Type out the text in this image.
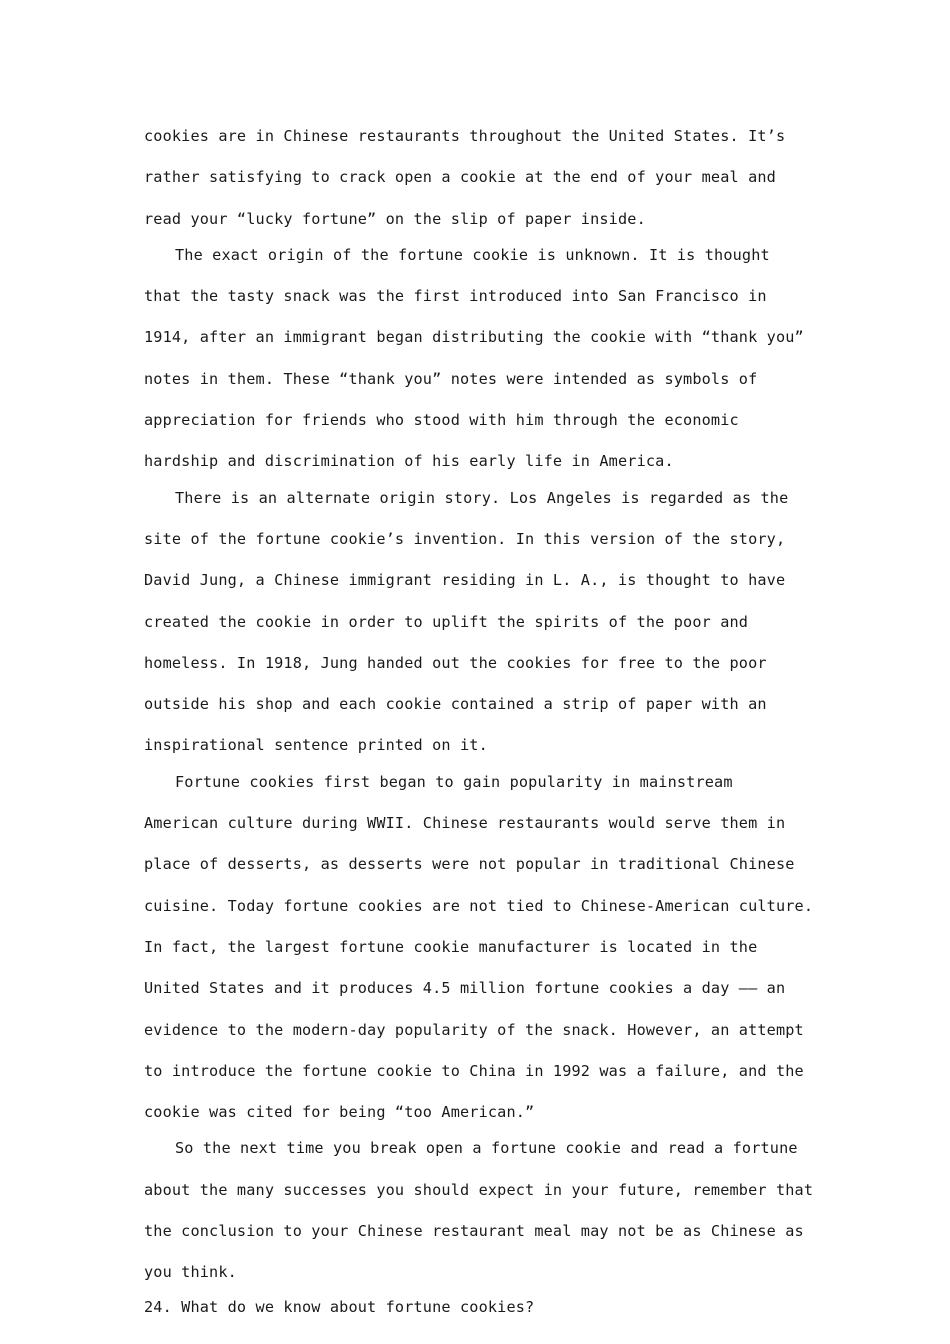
cookies are in Chinese restaurants throughout the United States. It’s rather satisfying to crack open a cookie at the end of your meal and read your “lucky fortune” on the slip of paper inside.

The exact origin of the fortune cookie is unknown. It is thought that the tasty snack was the first introduced into San Francisco in 1914, after an immigrant began distributing the cookie with “thank you” notes in them. These “thank you” notes were intended as symbols of appreciation for friends who stood with him through the economic hardship and discrimination of his early life in America.

There is an alternate origin story. Los Angeles is regarded as the site of the fortune cookie’s invention. In this version of the story, David Jung, a Chinese immigrant residing in L. A., is thought to have created the cookie in order to uplift the spirits of the poor and homeless. In 1918, Jung handed out the cookies for free to the poor outside his shop and each cookie contained a strip of paper with an inspirational sentence printed on it.

Fortune cookies first began to gain popularity in mainstream American culture during WWII. Chinese restaurants would serve them in place of desserts, as desserts were not popular in traditional Chinese cuisine. Today fortune cookies are not tied to Chinese-American culture. In fact, the largest fortune cookie manufacturer is located in the United States and it produces 4.5 million fortune cookies a day —— an evidence to the modern-day popularity of the snack. However, an attempt to introduce the fortune cookie to China in 1992 was a failure, and the cookie was cited for being “too American.”

So the next time you break open a fortune cookie and read a fortune about the many successes you should expect in your future, remember that the conclusion to your Chinese restaurant meal may not be as Chinese as you think.

24. What do we know about fortune cookies?
